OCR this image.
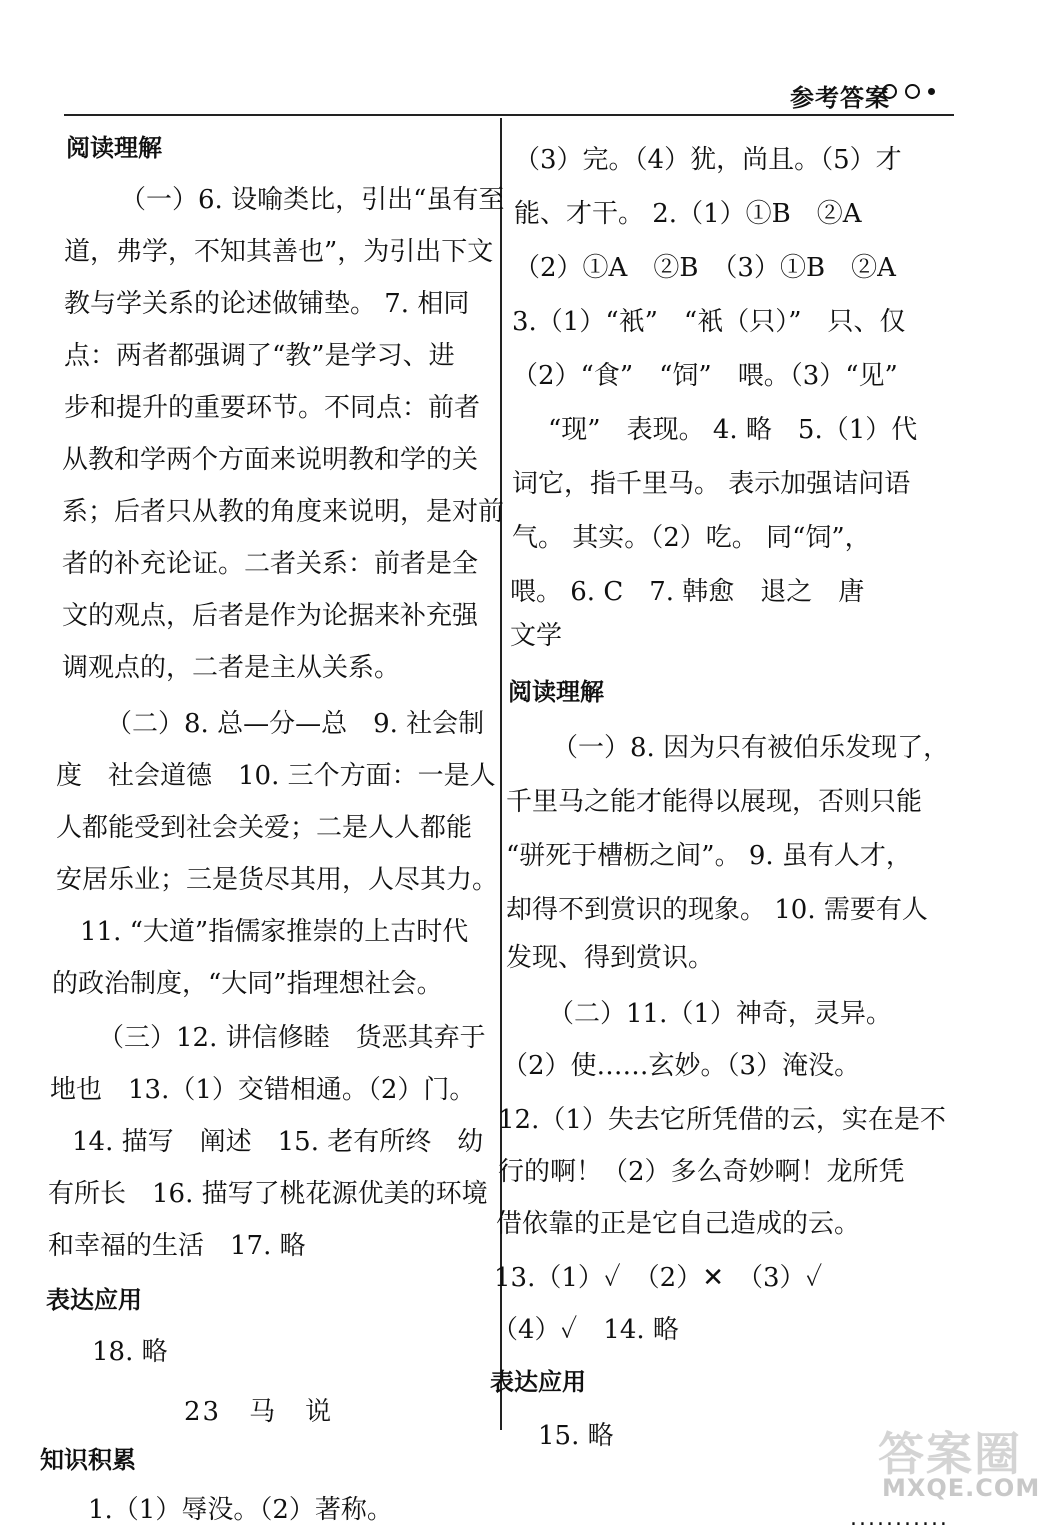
参考答案
阅读理解
（一）6. 设喻类比，引出“虽有至
道，弗学，不知其善也”，为引出下文
教与学关系的论述做铺垫。 7. 相同
点：两者都强调了“教”是学习、进
步和提升的重要环节。不同点：前者
从教和学两个方面来说明教和学的关
系；后者只从教的角度来说明，是对前
者的补充论证。二者关系：前者是全
文的观点，后者是作为论据来补充强
调观点的，二者是主从关系。
（二）8. 总—分—总　9. 社会制
度　社会道德　10. 三个方面：一是人
人都能受到社会关爱；二是人人都能
安居乐业；三是货尽其用，人尽其力。
11. “大道”指儒家推崇的上古时代
的政治制度，“大同”指理想社会。
（三）12. 讲信修睦　货恶其弃于
地也　13.（1）交错相通。（2）门。
14. 描写　阐述　15. 老有所终　幼
有所长　16. 描写了桃花源优美的环境
和幸福的生活　17. 略
表达应用
18. 略
23　马　说
知识积累
1.（1）辱没。（2）著称。
（3）完。（4）犹，尚且。（5）才
能、才干。 2.（1）①B　②A
（2）①A　②B　（3）①B　②A
3.（1）“衹”　“衹（只）”　只、仅
（2）“食”　“饲”　喂。（3）“见”
“现”　表现。 4. 略　5.（1）代
词它，指千里马。 表示加强诘问语
气。 其实。（2）吃。 同“饲”，
喂。 6. C　7. 韩愈　退之　唐
文学
阅读理解
（一）8. 因为只有被伯乐发现了，
千里马之能才能得以展现，否则只能
“骈死于槽枥之间”。 9. 虽有人才，
却得不到赏识的现象。 10. 需要有人
发现、得到赏识。
（二）11.（1）神奇，灵异。
（2）使……玄妙。（3）淹没。
12.（1）失去它所凭借的云，实在是不
行的啊！（2）多么奇妙啊！龙所凭
借依靠的正是它自己造成的云。
13.（1）✓　（2）✕　（3）✓
（4）✓　14. 略
表达应用
15. 略	答案圈
MXQE.COM
...........
